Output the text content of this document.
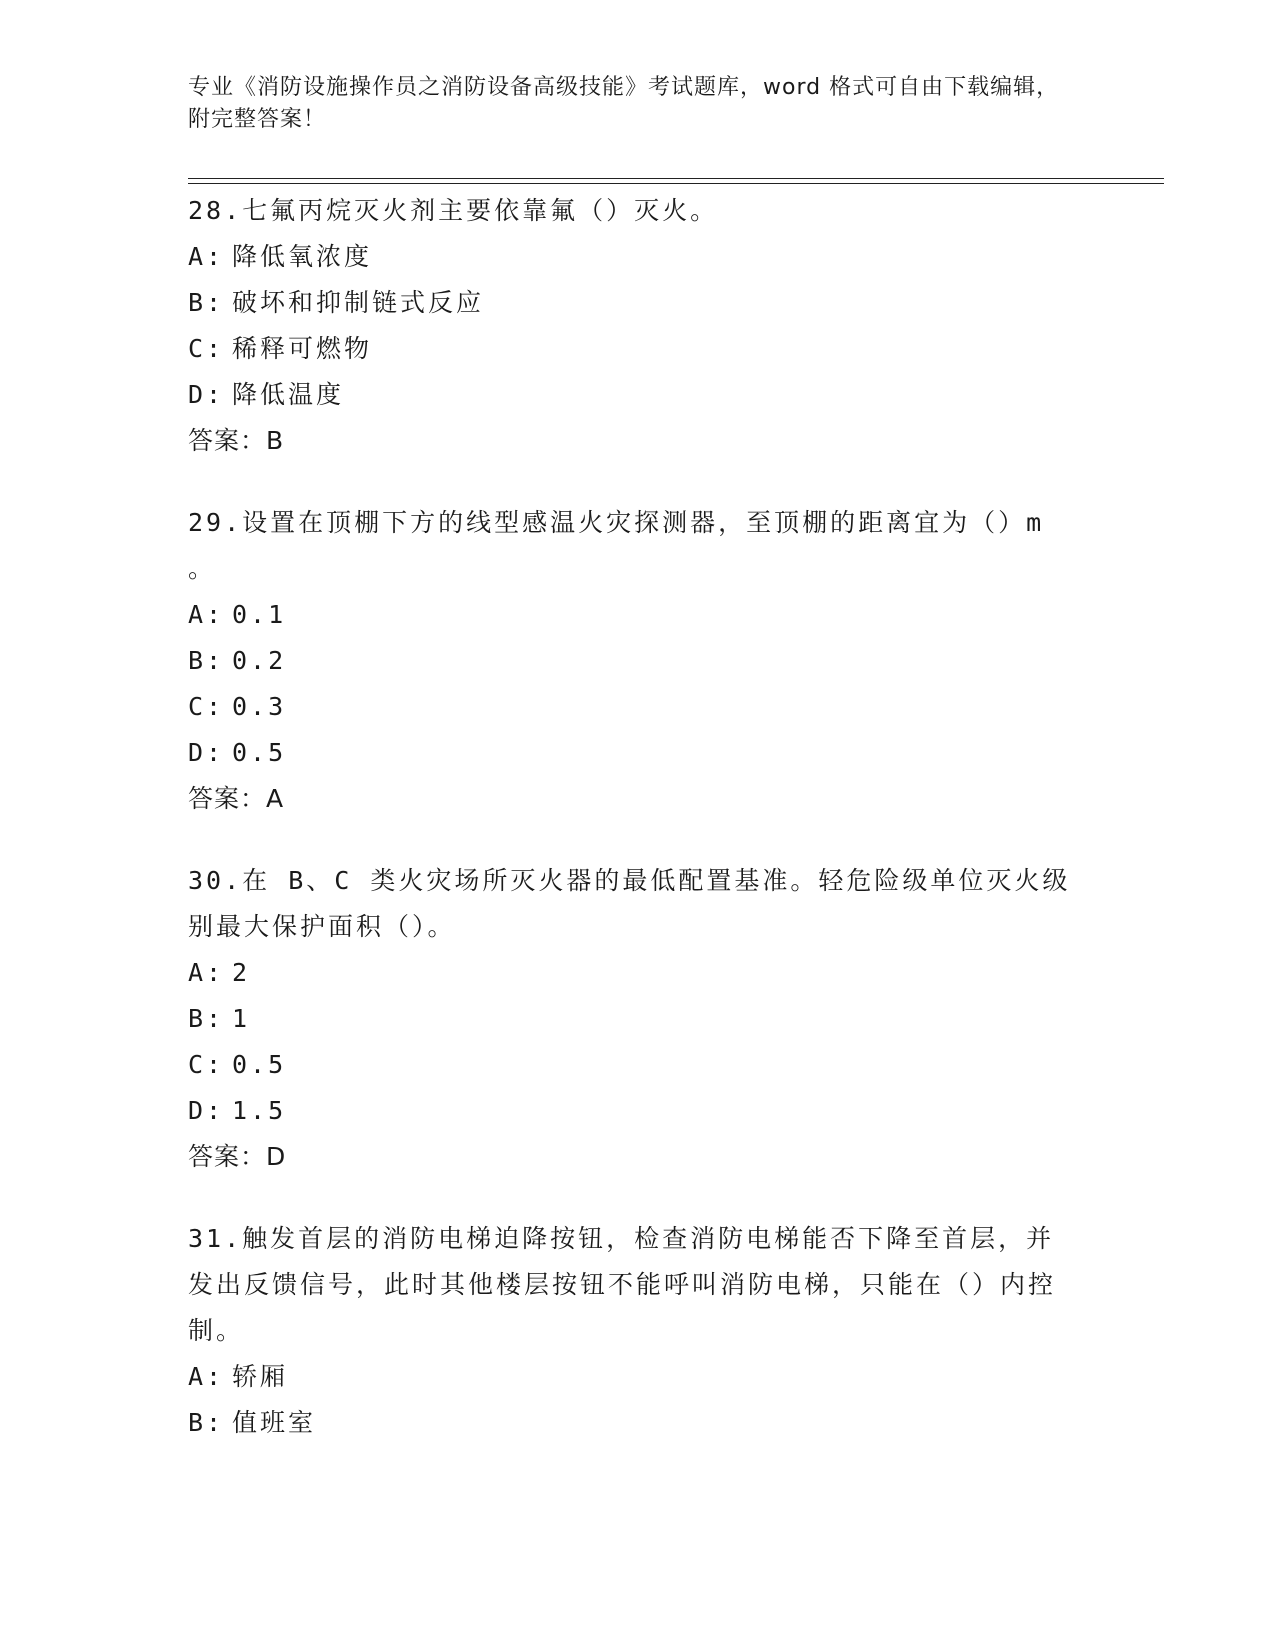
专业《消防设施操作员之消防设备高级技能》考试题库，word 格式可自由下载编辑，附完整答案！
28.七氟丙烷灭火剂主要依靠氟（）灭火。
A: 降低氧浓度
B: 破坏和抑制链式反应
C: 稀释可燃物
D: 降低温度
答案：B
29.设置在顶棚下方的线型感温火灾探测器，至顶棚的距离宜为（）m 。
A: 0.1
B: 0.2
C: 0.3
D: 0.5
答案：A
30.在 B、C 类火灾场所灭火器的最低配置基准。轻危险级单位灭火级别最大保护面积（）。
A: 2
B: 1
C: 0.5
D: 1.5
答案：D
31.触发首层的消防电梯迫降按钮，检查消防电梯能否下降至首层，并发出反馈信号，此时其他楼层按钮不能呼叫消防电梯，只能在（）内控制。
A: 轿厢
B: 值班室
